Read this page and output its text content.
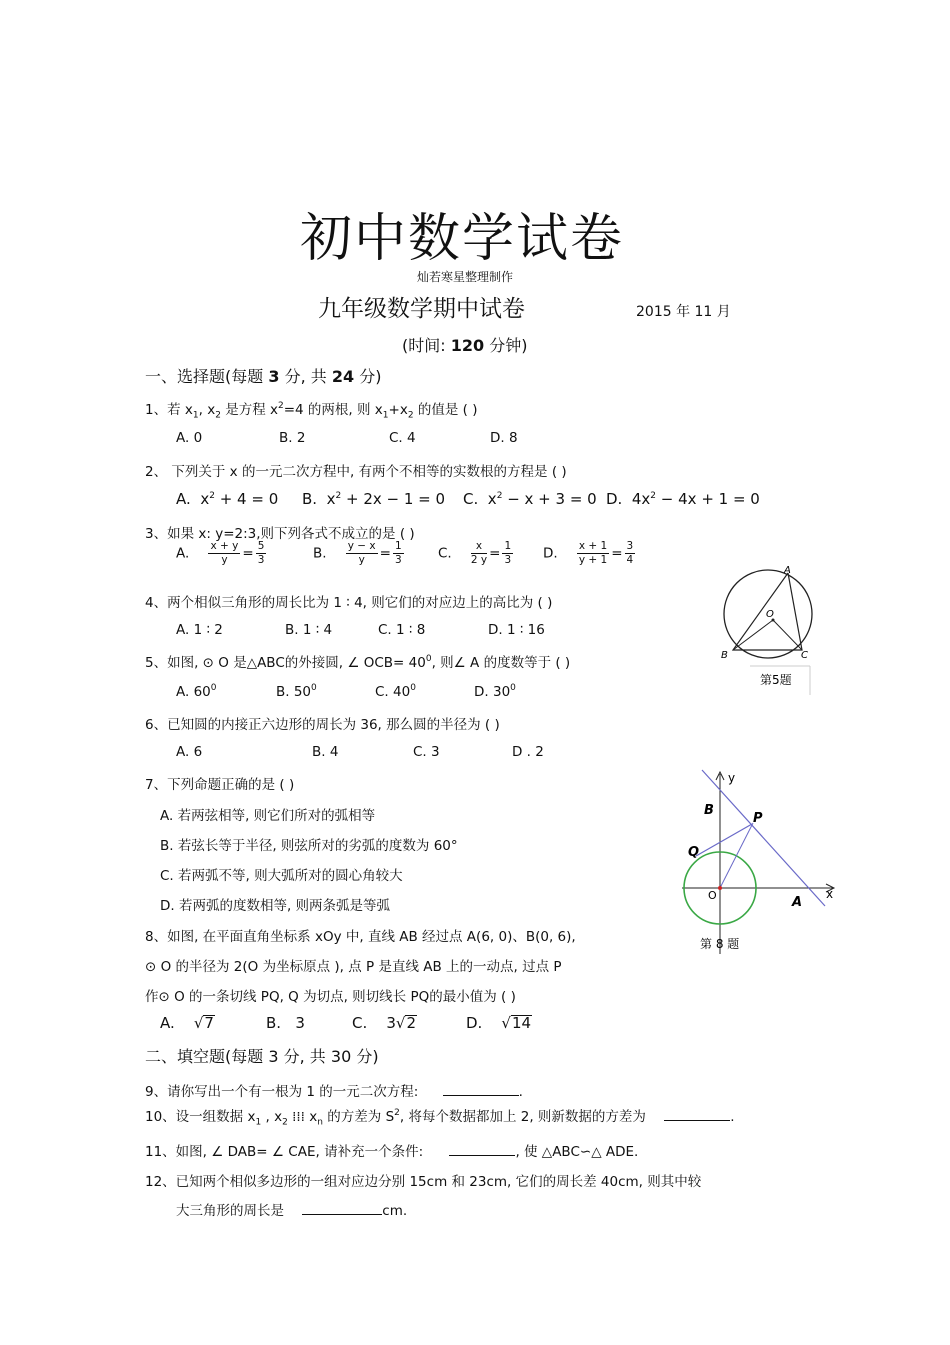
初中数学试卷
灿若寒星整理制作
九年级数学期中试卷	2015 年 11 月
(时间: 120 分钟)
一、选择题(每题 3 分, 共 24 分)
1、若 $x_1$, $x_2$ 是方程 $x^2=4$ 的两根, 则 $x_1+x_2$ 的值是 ( )
A. 0	B. 2	C. 4	D. 8
2、 下列关于 x 的一元二次方程中, 有两个不相等的实数根的方程是 ( )
A. $x^2 + 4 = 0$ B. $x^2 + 2x - 1 = 0$ C. $x^2 - x + 3 = 0$ D. $4x^2 - 4x + 1 = 0$
3、如果 x: y=2:3,则下列各式不成立的是 ( )
A. $\frac{x + y}{y} = \frac{5}{3}$	B. $\frac{y - x}{y} = \frac{1}{3}$	C. $\frac{x}{2 y} = \frac{1}{3} D$. $\frac{x + 1}{y + 1} = \frac{3}{4}$
4、两个相似三角形的周长比为 1 ∶ 4, 则它们的对应边上的高比为 ( )
A. 1 ∶ 2	B. 1 ∶ 4	C. 1 ∶ 8	D. 1 ∶ 16
A
O
B	C
第5题
5、如图, ⊙ O 是△ABC的外接圆, ∠ $OCB= 40^0$, 则∠ A 的度数等于 ( )
A. $60^0$	B. $50^0$	C. $40^0$	D. $30^0$
6、已知圆的内接正六边形的周长为 36, 那么圆的半径为 ( )
A. 6	B. 4	C. 3	D . 2
y
x
B
P
Q
O	A
第 8 题
7、下列命题正确的是 ( )
A. 若两弦相等, 则它们所对的弧相等
B. 若弦长等于半径, 则弦所对的劣弧的度数为 60°
C. 若两弧不等, 则大弧所对的圆心角较大
D. 若两弧的度数相等, 则两条弧是等弧
8、如图, 在平面直角坐标系 xOy 中, 直线 AB 经过点 A(6, 0)、B(0, 6),
⊙ O 的半径为 2(O 为坐标原点 ), 点 P 是直线 AB 上的一动点, 过点 P
作⊙ O 的一条切线 PQ, Q 为切点, 则切线长 PQ的最小值为 ( )
A.    √7	B. 3	C. 3√2	D.    √14
二、填空题(每题 3 分, 共 30 分)
9、请你写出一个有一根为 1 的一元二次方程:	.
10、设一组数据 $x_1$ , $x_2$ ⁞⁞⁞ $x_n$ 的方差为 $S^2$, 将每个数据都加上 2, 则新数据的方差为	.
11、如图, ∠ DAB= ∠ CAE, 请补充一个条件:	, 使 △ABC∽△ ADE.
12、已知两个相似多边形的一组对应边分别 15cm 和 23cm, 它们的周长差 40cm, 则其中较
大三角形的周长是	cm.
